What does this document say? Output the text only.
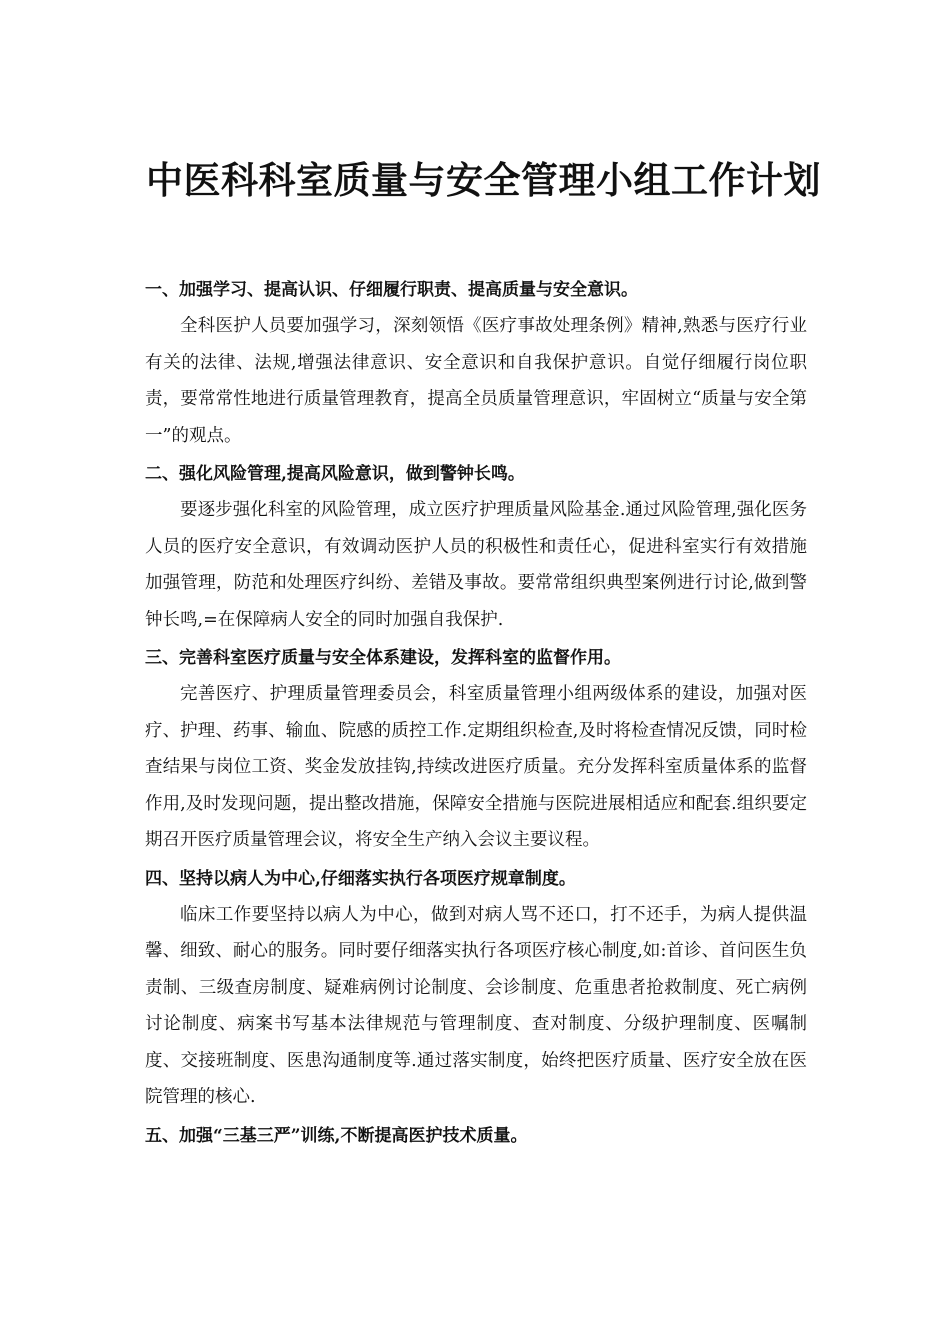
中医科科室质量与安全管理小组工作计划

一、加强学习、提高认识、仔细履行职责、提高质量与安全意识。

全科医护人员要加强学习，深刻领悟《医疗事故处理条例》精神,熟悉与医疗行业有关的法律、法规,增强法律意识、安全意识和自我保护意识。自觉仔细履行岗位职责，要常常性地进行质量管理教育，提高全员质量管理意识，牢固树立“质量与安全第一”的观点。

二、强化风险管理,提高风险意识，做到警钟长鸣。

要逐步强化科室的风险管理，成立医疗护理质量风险基金.通过风险管理,强化医务人员的医疗安全意识，有效调动医护人员的积极性和责任心，促进科室实行有效措施加强管理，防范和处理医疗纠纷、差错及事故。要常常组织典型案例进行讨论,做到警钟长鸣,=在保障病人安全的同时加强自我保护.

三、完善科室医疗质量与安全体系建设，发挥科室的监督作用。

完善医疗、护理质量管理委员会，科室质量管理小组两级体系的建设，加强对医疗、护理、药事、输血、院感的质控工作.定期组织检查,及时将检查情况反馈，同时检查结果与岗位工资、奖金发放挂钩,持续改进医疗质量。充分发挥科室质量体系的监督作用,及时发现问题，提出整改措施，保障安全措施与医院进展相适应和配套.组织要定期召开医疗质量管理会议，将安全生产纳入会议主要议程。

四、坚持以病人为中心,仔细落实执行各项医疗规章制度。

临床工作要坚持以病人为中心，做到对病人骂不还口，打不还手，为病人提供温馨、细致、耐心的服务。同时要仔细落实执行各项医疗核心制度,如:首诊、首问医生负责制、三级查房制度、疑难病例讨论制度、会诊制度、危重患者抢救制度、死亡病例讨论制度、病案书写基本法律规范与管理制度、查对制度、分级护理制度、医嘱制度、交接班制度、医患沟通制度等.通过落实制度，始终把医疗质量、医疗安全放在医院管理的核心.

五、加强“三基三严”训练,不断提高医护技术质量。
